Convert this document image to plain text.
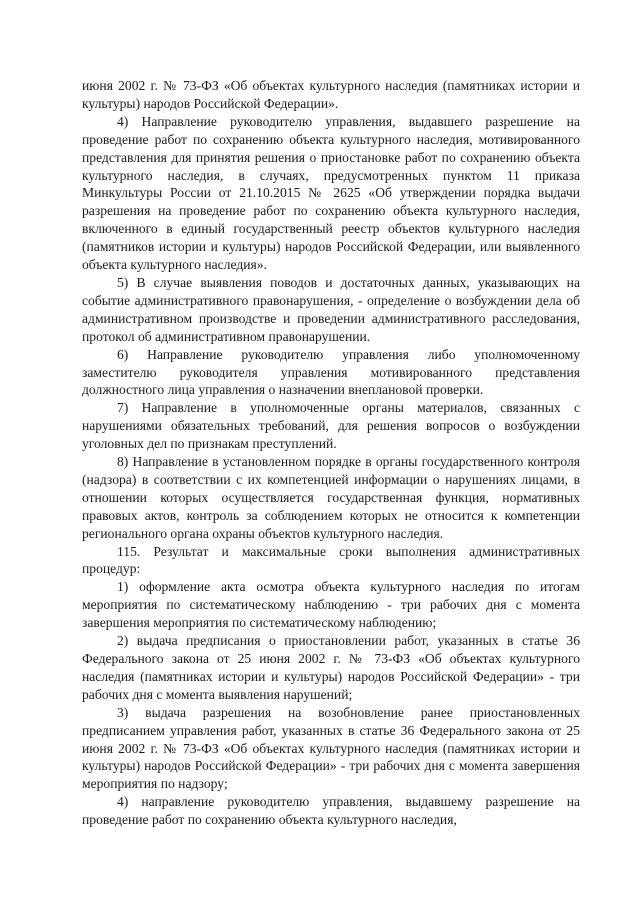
июня 2002 г. № 73-ФЗ «Об объектах культурного наследия (памятниках истории и культуры) народов Российской Федерации».

4) Направление руководителю управления, выдавшего разрешение на проведение работ по сохранению объекта культурного наследия, мотивированного представления для принятия решения о приостановке работ по сохранению объекта культурного наследия, в случаях, предусмотренных пунктом 11 приказа Минкультуры России от 21.10.2015 № 2625 «Об утверждении порядка выдачи разрешения на проведение работ по сохранению объекта культурного наследия, включенного в единый государственный реестр объектов культурного наследия (памятников истории и культуры) народов Российской Федерации, или выявленного объекта культурного наследия».

5) В случае выявления поводов и достаточных данных, указывающих на событие административного правонарушения, - определение о возбуждении дела об административном производстве и проведении административного расследования, протокол об административном правонарушении.

6) Направление руководителю управления либо уполномоченному заместителю руководителя управления мотивированного представления должностного лица управления о назначении внеплановой проверки.

7) Направление в уполномоченные органы материалов, связанных с нарушениями обязательных требований, для решения вопросов о возбуждении уголовных дел по признакам преступлений.

8) Направление в установленном порядке в органы государственного контроля (надзора) в соответствии с их компетенцией информации о нарушениях лицами, в отношении которых осуществляется государственная функция, нормативных правовых актов, контроль за соблюдением которых не относится к компетенции регионального органа охраны объектов культурного наследия.

115. Результат и максимальные сроки выполнения административных процедур:

1) оформление акта осмотра объекта культурного наследия по итогам мероприятия по систематическому наблюдению - три рабочих дня с момента завершения мероприятия по систематическому наблюдению;

2) выдача предписания о приостановлении работ, указанных в статье 36 Федерального закона от 25 июня 2002 г. № 73-ФЗ «Об объектах культурного наследия (памятниках истории и культуры) народов Российской Федерации» - три рабочих дня с момента выявления нарушений;

3) выдача разрешения на возобновление ранее приостановленных предписанием управления работ, указанных в статье 36 Федерального закона от 25 июня 2002 г. № 73-ФЗ «Об объектах культурного наследия (памятниках истории и культуры) народов Российской Федерации» - три рабочих дня с момента завершения мероприятия по надзору;

4) направление руководителю управления, выдавшему разрешение на проведение работ по сохранению объекта культурного наследия,
